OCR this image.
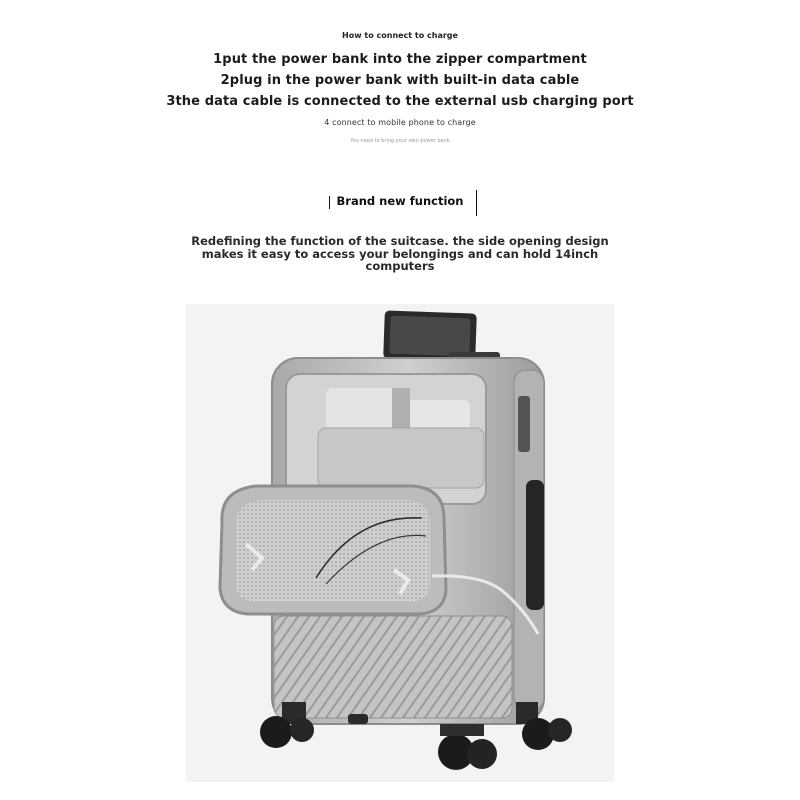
How to connect to charge
1put the power bank into the zipper compartment
2plug in the power bank with built-in data cable
3the data cable is connected to the external usb charging port
4 connect to mobile phone to charge
You need to bring your own power bank
Brand new function
Redefining the function of the suitcase. the side opening design
makes it easy to access your belongings and can hold 14inch
computers
